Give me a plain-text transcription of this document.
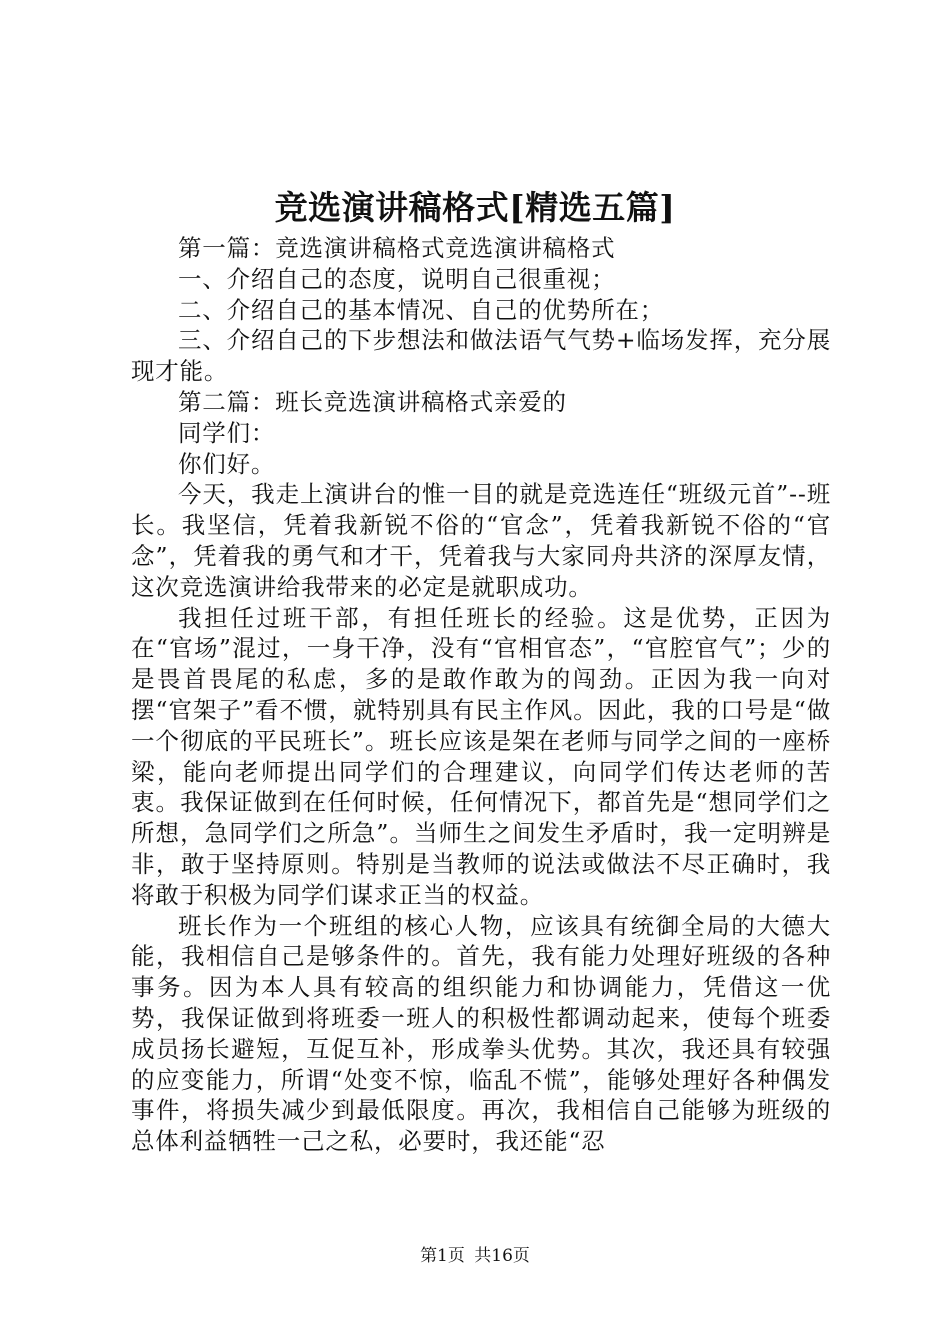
竞选演讲稿格式[精选五篇]

第一篇：竞选演讲稿格式竞选演讲稿格式

一、介绍自己的态度，说明自己很重视；

二、介绍自己的基本情况、自己的优势所在；

三、介绍自己的下步想法和做法语气气势+临场发挥，充分展现才能。

第二篇：班长竞选演讲稿格式亲爱的

同学们：

你们好。

今天，我走上演讲台的惟一目的就是竞选连任“班级元首”--班长。我坚信，凭着我新锐不俗的“官念”，凭着我新锐不俗的“官念”，凭着我的勇气和才干，凭着我与大家同舟共济的深厚友情，这次竞选演讲给我带来的必定是就职成功。

我担任过班干部，有担任班长的经验。这是优势，正因为在“官场”混过，一身干净，没有“官相官态”，“官腔官气”；少的是畏首畏尾的私虑，多的是敢作敢为的闯劲。正因为我一向对摆“官架子”看不惯，就特别具有民主作风。因此，我的口号是“做一个彻底的平民班长”。班长应该是架在老师与同学之间的一座桥梁，能向老师提出同学们的合理建议，向同学们传达老师的苦衷。我保证做到在任何时候，任何情况下，都首先是“想同学们之所想，急同学们之所急”。当师生之间发生矛盾时，我一定明辨是非，敢于坚持原则。特别是当教师的说法或做法不尽正确时，我将敢于积极为同学们谋求正当的权益。

班长作为一个班组的核心人物，应该具有统御全局的大德大能，我相信自己是够条件的。首先，我有能力处理好班级的各种事务。因为本人具有较高的组织能力和协调能力，凭借这一优势，我保证做到将班委一班人的积极性都调动起来，使每个班委成员扬长避短，互促互补，形成拳头优势。其次，我还具有较强的应变能力，所谓“处变不惊，临乱不慌”，能够处理好各种偶发事件，将损失减少到最低限度。再次，我相信自己能够为班级的总体利益牺牲一己之私，必要时，我还能“忍

第1页 共16页
